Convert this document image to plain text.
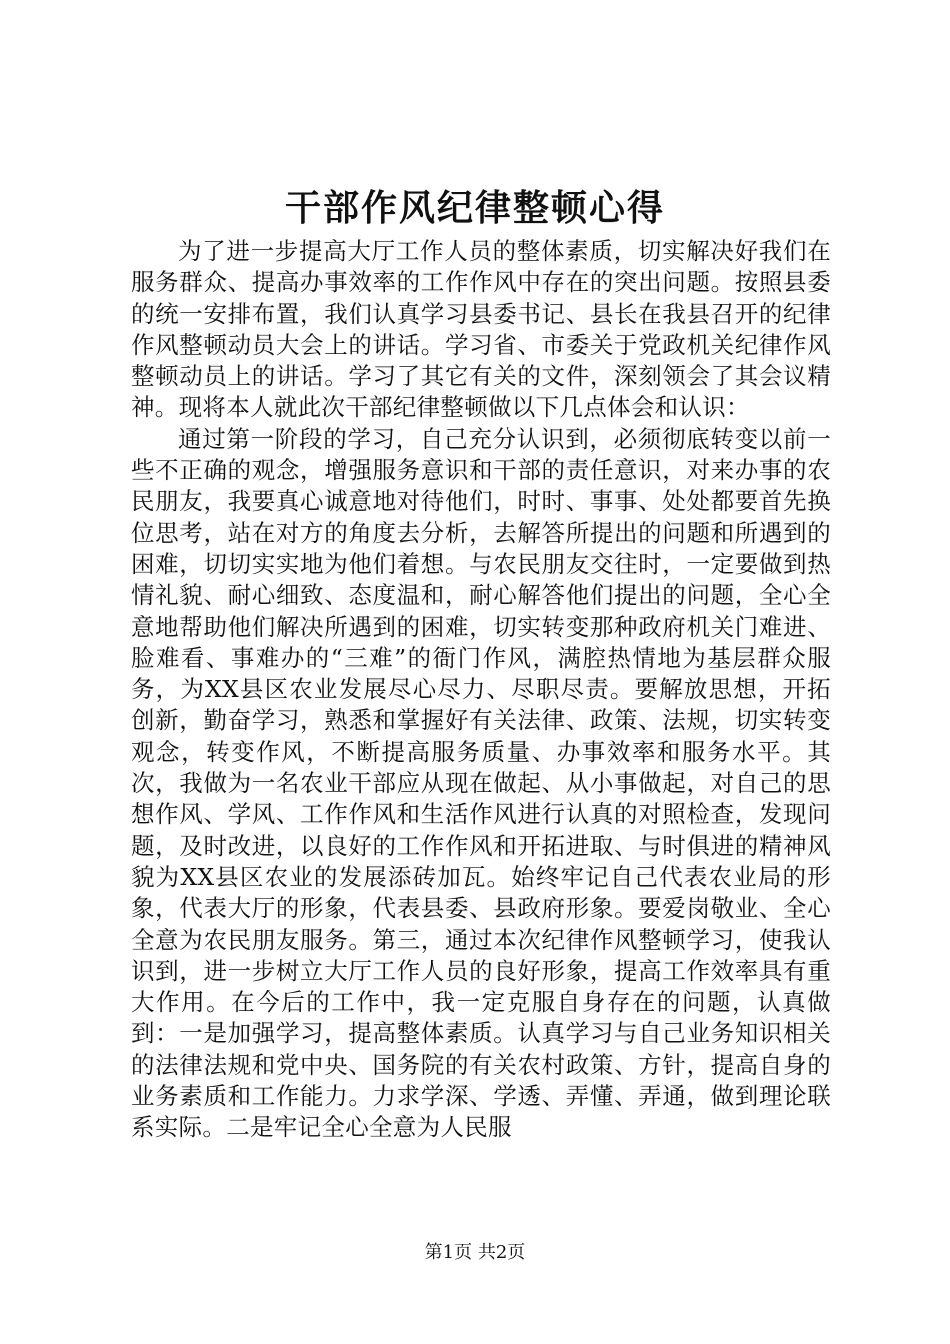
干部作风纪律整顿心得

为了进一步提高大厅工作人员的整体素质，切实解决好我们在服务群众、提高办事效率的工作作风中存在的突出问题。按照县委的统一安排布置，我们认真学习县委书记、县长在我县召开的纪律作风整顿动员大会上的讲话。学习省、市委关于党政机关纪律作风整顿动员上的讲话。学习了其它有关的文件，深刻领会了其会议精神。现将本人就此次干部纪律整顿做以下几点体会和认识：

通过第一阶段的学习，自己充分认识到，必须彻底转变以前一些不正确的观念，增强服务意识和干部的责任意识，对来办事的农民朋友，我要真心诚意地对待他们，时时、事事、处处都要首先换位思考，站在对方的角度去分析，去解答所提出的问题和所遇到的困难，切切实实地为他们着想。与农民朋友交往时，一定要做到热情礼貌、耐心细致、态度温和，耐心解答他们提出的问题，全心全意地帮助他们解决所遇到的困难，切实转变那种政府机关门难进、脸难看、事难办的“三难”的衙门作风，满腔热情地为基层群众服务，为XX县区农业发展尽心尽力、尽职尽责。要解放思想，开拓创新，勤奋学习，熟悉和掌握好有关法律、政策、法规，切实转变观念，转变作风，不断提高服务质量、办事效率和服务水平。其次，我做为一名农业干部应从现在做起、从小事做起，对自己的思想作风、学风、工作作风和生活作风进行认真的对照检查，发现问题，及时改进，以良好的工作作风和开拓进取、与时俱进的精神风貌为XX县区农业的发展添砖加瓦。始终牢记自己代表农业局的形象，代表大厅的形象，代表县委、县政府形象。要爱岗敬业、全心全意为农民朋友服务。第三，通过本次纪律作风整顿学习，使我认识到，进一步树立大厅工作人员的良好形象，提高工作效率具有重大作用。在今后的工作中，我一定克服自身存在的问题，认真做到：一是加强学习，提高整体素质。认真学习与自己业务知识相关的法律法规和党中央、国务院的有关农村政策、方针，提高自身的业务素质和工作能力。力求学深、学透、弄懂、弄通，做到理论联系实际。二是牢记全心全意为人民服

第1页 共2页
